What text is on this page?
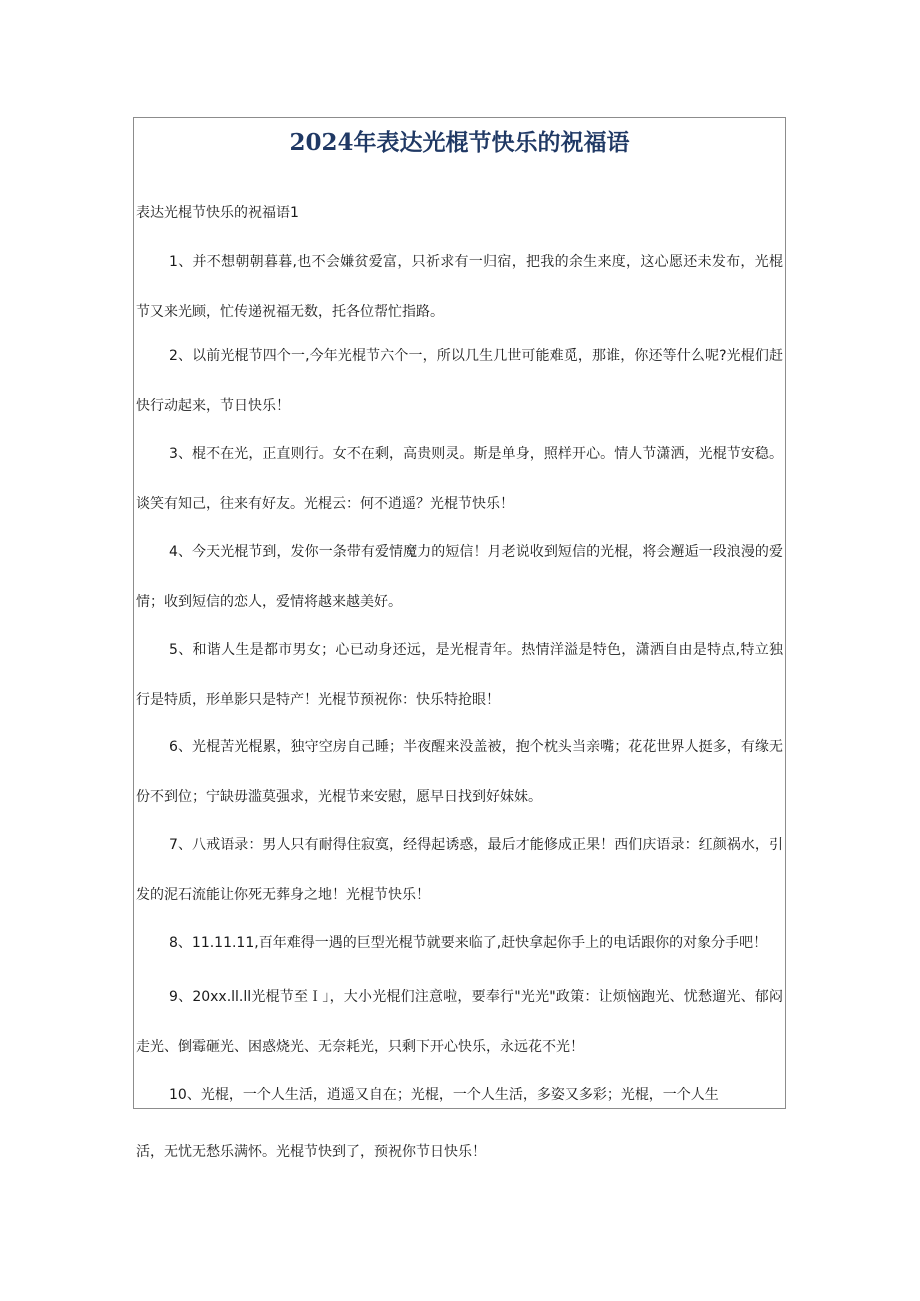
2024年表达光棍节快乐的祝福语
表达光棍节快乐的祝福语1

1、并不想朝朝暮暮,也不会嫌贫爱富，只祈求有一归宿，把我的余生来度，这心愿还未发布，光棍节又来光顾，忙传递祝福无数，托各位帮忙指路。

2、以前光棍节四个一,今年光棍节六个一，所以几生几世可能难觅，那谁，你还等什么呢?光棍们赶快行动起来，节日快乐！

3、棍不在光，正直则行。女不在剩，高贵则灵。斯是单身，照样开心。情人节潇洒，光棍节安稳。谈笑有知己，往来有好友。光棍云：何不逍遥？光棍节快乐！

4、今天光棍节到，发你一条带有爱情魔力的短信！月老说收到短信的光棍，将会邂逅一段浪漫的爱情；收到短信的恋人，爱情将越来越美好。

5、和谐人生是都市男女；心已动身还远，是光棍青年。热情洋溢是特色，潇洒自由是特点,特立独行是特质，形单影只是特产！光棍节预祝你：快乐特抢眼！

6、光棍苦光棍累，独守空房自己睡；半夜醒来没盖被，抱个枕头当亲嘴；花花世界人挺多，有缘无份不到位；宁缺毋滥莫强求，光棍节来安慰，愿早日找到好妹妹。

7、八戒语录：男人只有耐得住寂寞，经得起诱惑，最后才能修成正果！西们庆语录：红颜祸水，引发的泥石流能让你死无葬身之地！光棍节快乐！

8、11.11.11,百年难得一遇的巨型光棍节就要来临了,赶快拿起你手上的电话跟你的对象分手吧！

9、20xx.ll.ll光棍节至Ｉ」，大小光棍们注意啦，要奉行"光光"政策：让烦恼跑光、忧愁遛光、郁闷走光、倒霉砸光、困惑烧光、无奈耗光，只剩下开心快乐，永远花不光！

10、光棍，一个人生活，逍遥又自在；光棍，一个人生活，多姿又多彩；光棍，一个人生

活，无忧无愁乐满怀。光棍节快到了，预祝你节日快乐！
